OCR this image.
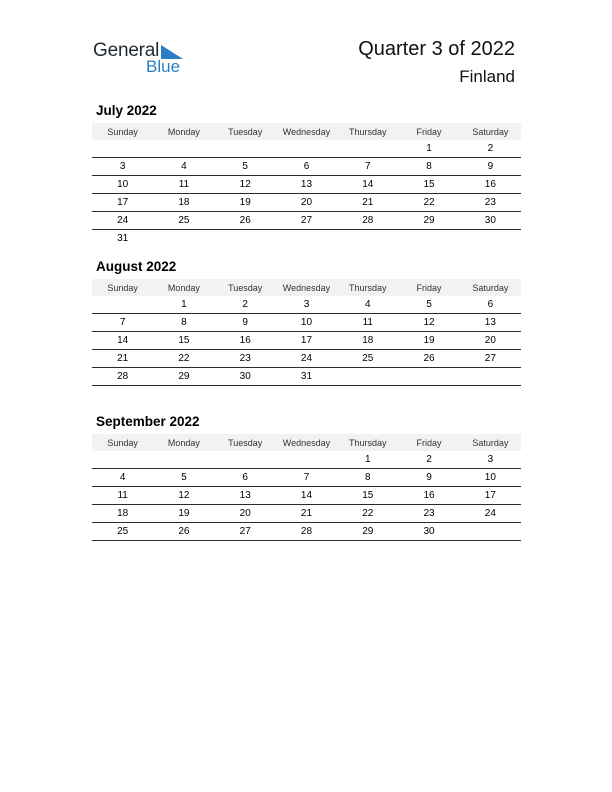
General
Blue
Quarter 3 of 2022
Finland
July 2022
Sunday	Monday	Tuesday	Wednesday	Thursday	Friday	Saturday
					1	2
3	4	5	6	7	8	9
10	11	12	13	14	15	16
17	18	19	20	21	22	23
24	25	26	27	28	29	30
31						
August 2022
Sunday	Monday	Tuesday	Wednesday	Thursday	Friday	Saturday
	1	2	3	4	5	6
7	8	9	10	11	12	13
14	15	16	17	18	19	20
21	22	23	24	25	26	27
28	29	30	31			
September 2022
Sunday	Monday	Tuesday	Wednesday	Thursday	Friday	Saturday
				1	2	3
4	5	6	7	8	9	10
11	12	13	14	15	16	17
18	19	20	21	22	23	24
25	26	27	28	29	30	
